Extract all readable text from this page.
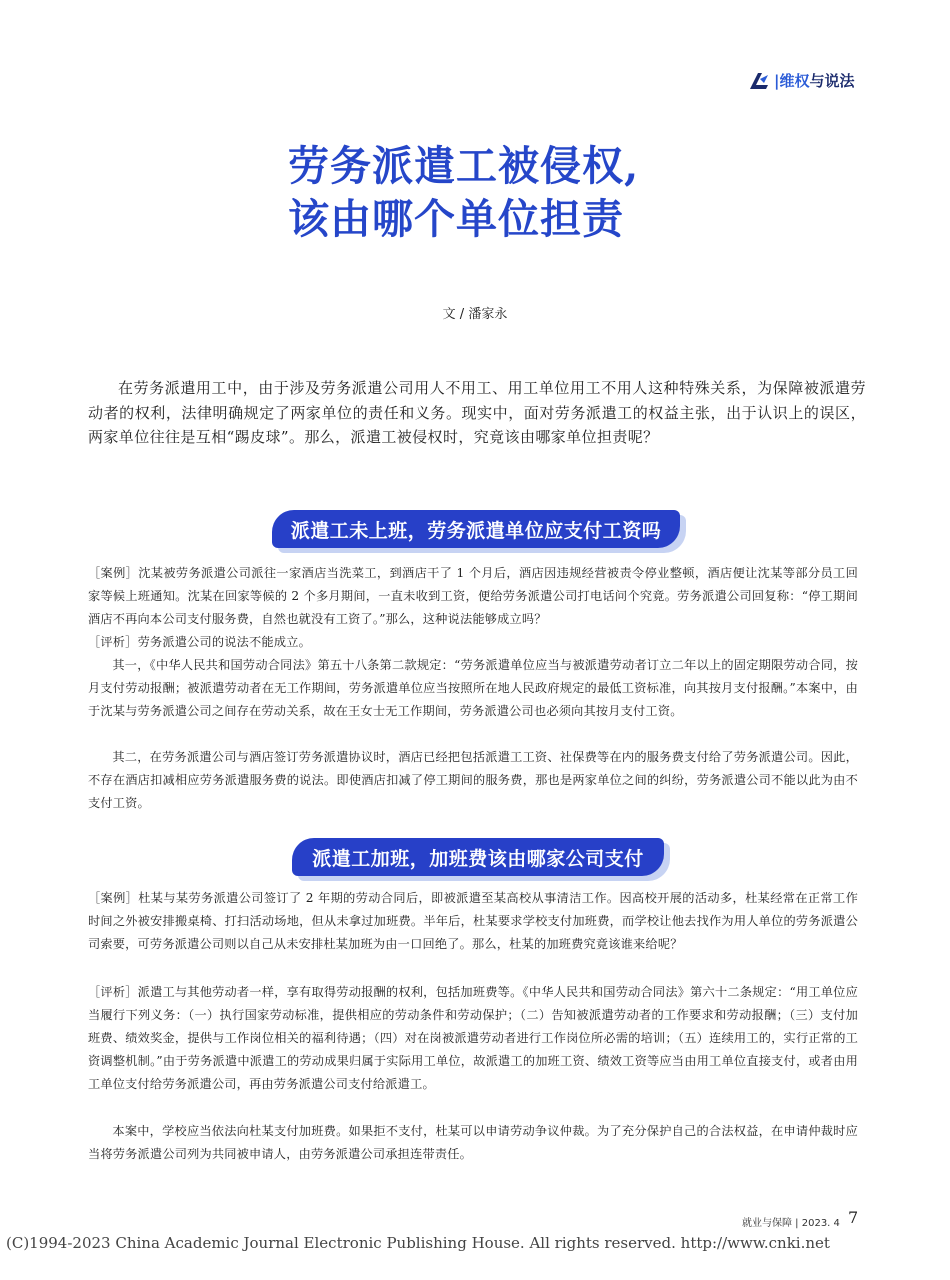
|维权与说法
劳务派遣工被侵权,
该由哪个单位担责
文 / 潘家永

在劳务派遣用工中，由于涉及劳务派遣公司用人不用工、用工单位用工不用人这种特殊关系，为保障被派遣劳动者的权利，法律明确规定了两家单位的责任和义务。现实中，面对劳务派遣工的权益主张，出于认识上的误区，两家单位往往是互相“踢皮球”。那么，派遣工被侵权时，究竟该由哪家单位担责呢？

派遣工未上班，劳务派遣单位应支付工资吗

［案例］沈某被劳务派遣公司派往一家酒店当洗菜工，到酒店干了 1 个月后，酒店因违规经营被责令停业整顿，酒店便让沈某等部分员工回家等候上班通知。沈某在回家等候的 2 个多月期间，一直未收到工资，便给劳务派遣公司打电话问个究竟。劳务派遣公司回复称：“停工期间酒店不再向本公司支付服务费，自然也就没有工资了。”那么，这种说法能够成立吗？

［评析］劳务派遣公司的说法不能成立。

其一，《中华人民共和国劳动合同法》第五十八条第二款规定：“劳务派遣单位应当与被派遣劳动者订立二年以上的固定期限劳动合同，按月支付劳动报酬；被派遣劳动者在无工作期间，劳务派遣单位应当按照所在地人民政府规定的最低工资标准，向其按月支付报酬。”本案中，由于沈某与劳务派遣公司之间存在劳动关系，故在王女士无工作期间，劳务派遣公司也必须向其按月支付工资。

其二，在劳务派遣公司与酒店签订劳务派遣协议时，酒店已经把包括派遣工工资、社保费等在内的服务费支付给了劳务派遣公司。因此，不存在酒店扣减相应劳务派遣服务费的说法。即使酒店扣减了停工期间的服务费，那也是两家单位之间的纠纷，劳务派遣公司不能以此为由不支付工资。

派遣工加班，加班费该由哪家公司支付

［案例］杜某与某劳务派遣公司签订了 2 年期的劳动合同后，即被派遣至某高校从事清洁工作。因高校开展的活动多，杜某经常在正常工作时间之外被安排搬桌椅、打扫活动场地，但从未拿过加班费。半年后，杜某要求学校支付加班费，而学校让他去找作为用人单位的劳务派遣公司索要，可劳务派遣公司则以自己从未安排杜某加班为由一口回绝了。那么，杜某的加班费究竟该谁来给呢？

［评析］派遣工与其他劳动者一样，享有取得劳动报酬的权利，包括加班费等。《中华人民共和国劳动合同法》第六十二条规定：“用工单位应当履行下列义务：（一）执行国家劳动标准，提供相应的劳动条件和劳动保护；（二）告知被派遣劳动者的工作要求和劳动报酬；（三）支付加班费、绩效奖金，提供与工作岗位相关的福利待遇；（四）对在岗被派遣劳动者进行工作岗位所必需的培训；（五）连续用工的，实行正常的工资调整机制。”由于劳务派遣中派遣工的劳动成果归属于实际用工单位，故派遣工的加班工资、绩效工资等应当由用工单位直接支付，或者由用工单位支付给劳务派遣公司，再由劳务派遣公司支付给派遣工。

本案中，学校应当依法向杜某支付加班费。如果拒不支付，杜某可以申请劳动争议仲裁。为了充分保护自己的合法权益，在申请仲裁时应当将劳务派遣公司列为共同被申请人，由劳务派遣公司承担连带责任。

就业与保障 | 2023. 4 7
(C)1994-2023 China Academic Journal Electronic Publishing House. All rights reserved. http://www.cnki.net
